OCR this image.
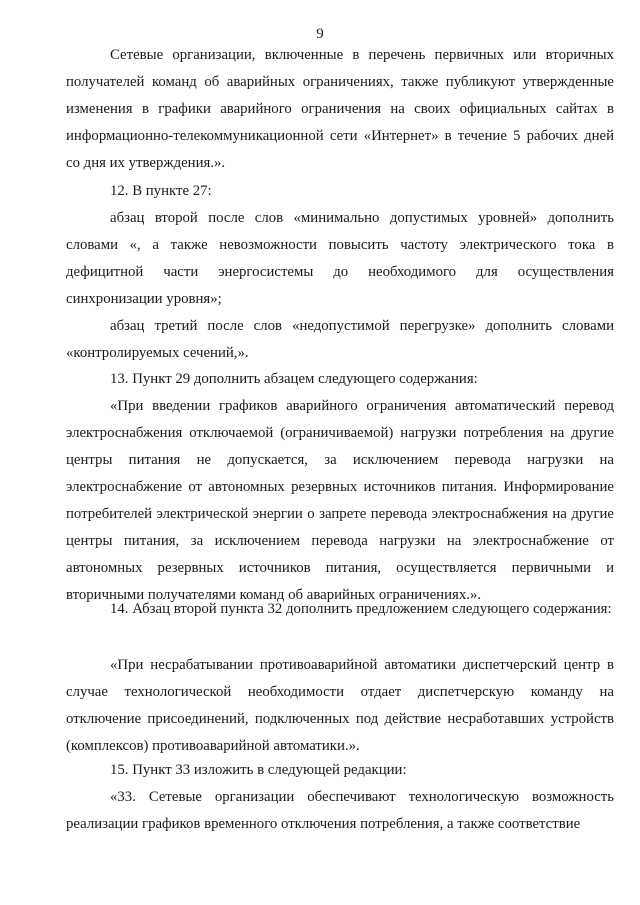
9

Сетевые организации, включенные в перечень первичных или вторичных получателей команд об аварийных ограничениях, также публикуют утвержденные изменения в графики аварийного ограничения на своих официальных сайтах в информационно-телекоммуникационной сети «Интернет» в течение 5 рабочих дней со дня их утверждения.».

12. В пункте 27:

абзац второй после слов «минимально допустимых уровней» дополнить словами «, а также невозможности повысить частоту электрического тока в дефицитной части энергосистемы до необходимого для осуществления синхронизации уровня»;

абзац третий после слов «недопустимой перегрузке» дополнить словами «контролируемых сечений,».

13. Пункт 29 дополнить абзацем следующего содержания:

«При введении графиков аварийного ограничения автоматический перевод электроснабжения отключаемой (ограничиваемой) нагрузки потребления на другие центры питания не допускается, за исключением перевода нагрузки на электроснабжение от автономных резервных источников питания. Информирование потребителей электрической энергии о запрете перевода электроснабжения на другие центры питания, за исключением перевода нагрузки на электроснабжение от автономных резервных источников питания, осуществляется первичными и вторичными получателями команд об аварийных ограничениях.».

14. Абзац второй пункта 32 дополнить предложением следующего содержания:

«При несрабатывании противоаварийной автоматики диспетчерский центр в случае технологической необходимости отдает диспетчерскую команду на отключение присоединений, подключенных под действие несработавших устройств (комплексов) противоаварийной автоматики.».

15. Пункт 33 изложить в следующей редакции:

«33. Сетевые организации обеспечивают технологическую возможность реализации графиков временного отключения потребления, а также соответствие
